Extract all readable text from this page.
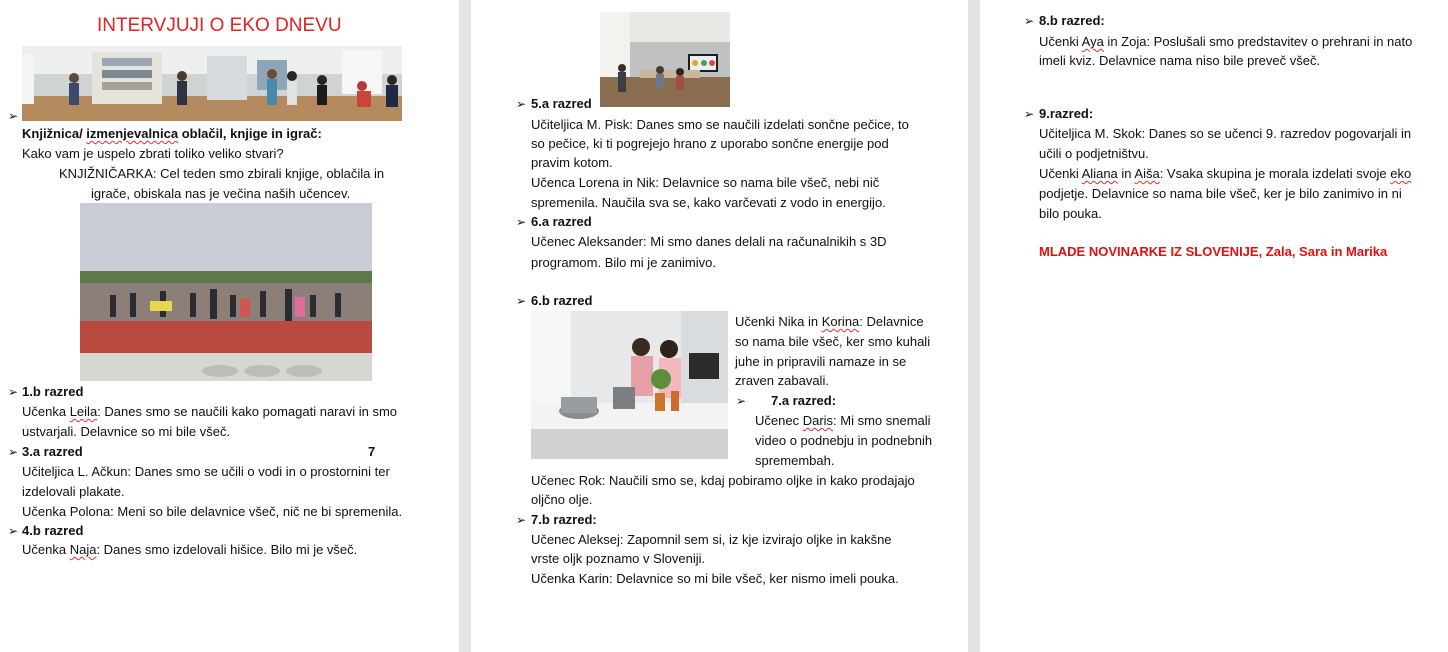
INTERVJUJI O EKO DNEVU
➢
Knjižnica/ izmenjevalnica oblačil, knjige in igrač:
Kako vam je uspelo zbrati toliko veliko stvari?
KNJIŽNIČARKA: Cel teden smo zbirali knjige, oblačila in
igrače, obiskala nas je večina naših učencev.
➢ 1.b razred
Učenka Leila: Danes smo se naučili kako pomagati naravi in smo
ustvarjali. Delavnice so mi bile všeč.
➢ 3.a razred	7
Učiteljica L. Ačkun: Danes smo se učili o vodi in o prostornini ter
izdelovali plakate.
Učenka Polona: Meni so bile delavnice všeč, nič ne bi spremenila.
➢ 4.b razred
Učenka Naja: Danes smo izdelovali hišice. Bilo mi je všeč.
➢ 5.a razred
Učiteljica M. Pisk: Danes smo se naučili izdelati sončne pečice, to
so pečice, ki ti pogrejejo hrano z uporabo sončne energije pod
pravim kotom.
Učenca Lorena in Nik: Delavnice so nama bile všeč, nebi nič
spremenila. Naučila sva se, kako varčevati z vodo in energijo.
➢ 6.a razred
Učenec Aleksander: Mi smo danes delali na računalnikih s 3D
programom. Bilo mi je zanimivo.
➢ 6.b razred
Učenki Nika in Korina: Delavnice
so nama bile všeč, ker smo kuhali
juhe in pripravili namaze in se
zraven zabavali.
➢ 7.a razred:
Učenec Daris: Mi smo snemali
video o podnebju in podnebnih
spremembah.
Učenec Rok: Naučili smo se, kdaj pobiramo oljke in kako prodajajo
oljčno olje.
➢ 7.b razred:
Učenec Aleksej: Zapomnil sem si, iz kje izvirajo oljke in kakšne
vrste oljk poznamo v Sloveniji.
Učenka Karin: Delavnice so mi bile všeč, ker nismo imeli pouka.
➢ 8.b razred:
Učenki Aya in Zoja: Poslušali smo predstavitev o prehrani in nato
imeli kviz. Delavnice nama niso bile preveč všeč.
➢ 9.razred:
Učiteljica M. Skok: Danes so se učenci 9. razredov pogovarjali in
učili o podjetništvu.
Učenki Aliana in Aiša: Vsaka skupina je morala izdelati svoje eko
podjetje. Delavnice so nama bile všeč, ker je bilo zanimivo in ni
bilo pouka.
MLADE NOVINARKE IZ SLOVENIJE, Zala, Sara in Marika
